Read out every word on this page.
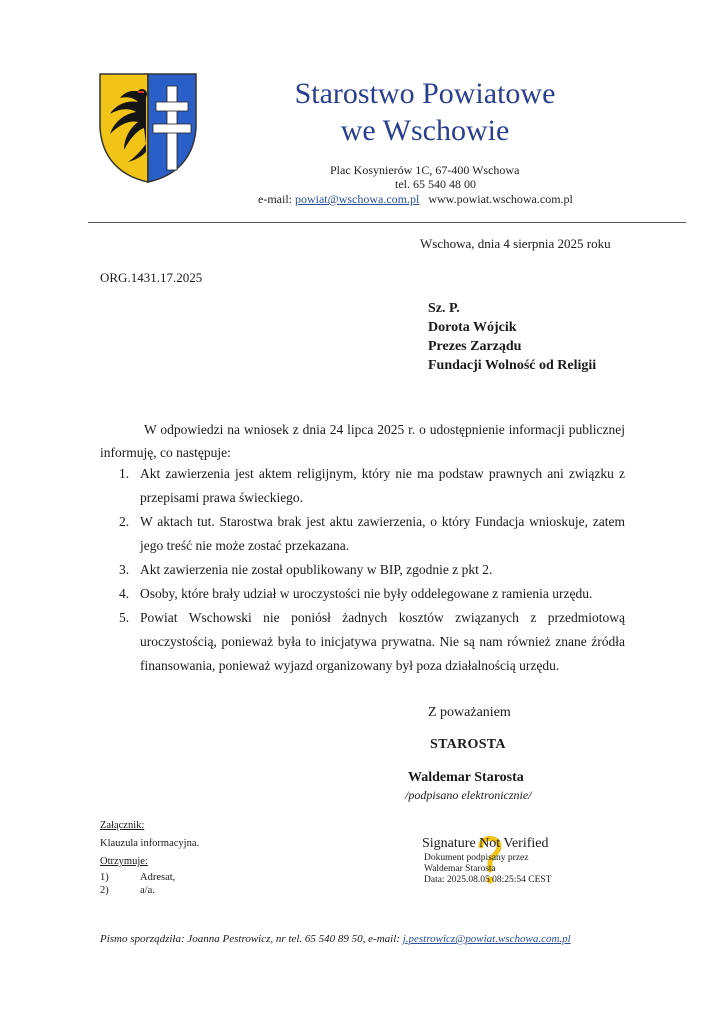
Starostwo Powiatowe
we Wschowie
Plac Kosynierów 1C, 67-400 Wschowa
tel. 65 540 48 00
e-mail: powiat@wschowa.com.pl www.powiat.wschowa.com.pl
Wschowa, dnia 4 sierpnia 2025 roku
ORG.1431.17.2025
Sz. P.
Dorota Wójcik
Prezes Zarządu
Fundacji Wolność od Religii
W odpowiedzi na wniosek z dnia 24 lipca 2025 r. o udostępnienie informacji publicznej informuję, co następuje:
1. Akt zawierzenia jest aktem religijnym, który nie ma podstaw prawnych ani związku z przepisami prawa świeckiego.
2. W aktach tut. Starostwa brak jest aktu zawierzenia, o który Fundacja wnioskuje, zatem jego treść nie może zostać przekazana.
3. Akt zawierzenia nie został opublikowany w BIP, zgodnie z pkt 2.
4. Osoby, które brały udział w uroczystości nie były oddelegowane z ramienia urzędu.
5. Powiat Wschowski nie poniósł żadnych kosztów związanych z przedmiotową uroczystością, ponieważ była to inicjatywa prywatna. Nie są nam również znane źródła finansowania, ponieważ wyjazd organizowany był poza działalnością urzędu.
Z poważaniem
STAROSTA
Waldemar Starosta
/podpisano elektronicznie/
Załącznik:
Klauzula informacyjna.
Otrzymuje:
1)	Adresat,
2)	a/a.
Signature Not Verified
Dokument podpisany przez
Waldemar Starosta
Data: 2025.08.05 08:25:54 CEST
Pismo sporządziła: Joanna Pestrowicz, nr tel. 65 540 89 50, e-mail: j.pestrowicz@powiat.wschowa.com.pl
